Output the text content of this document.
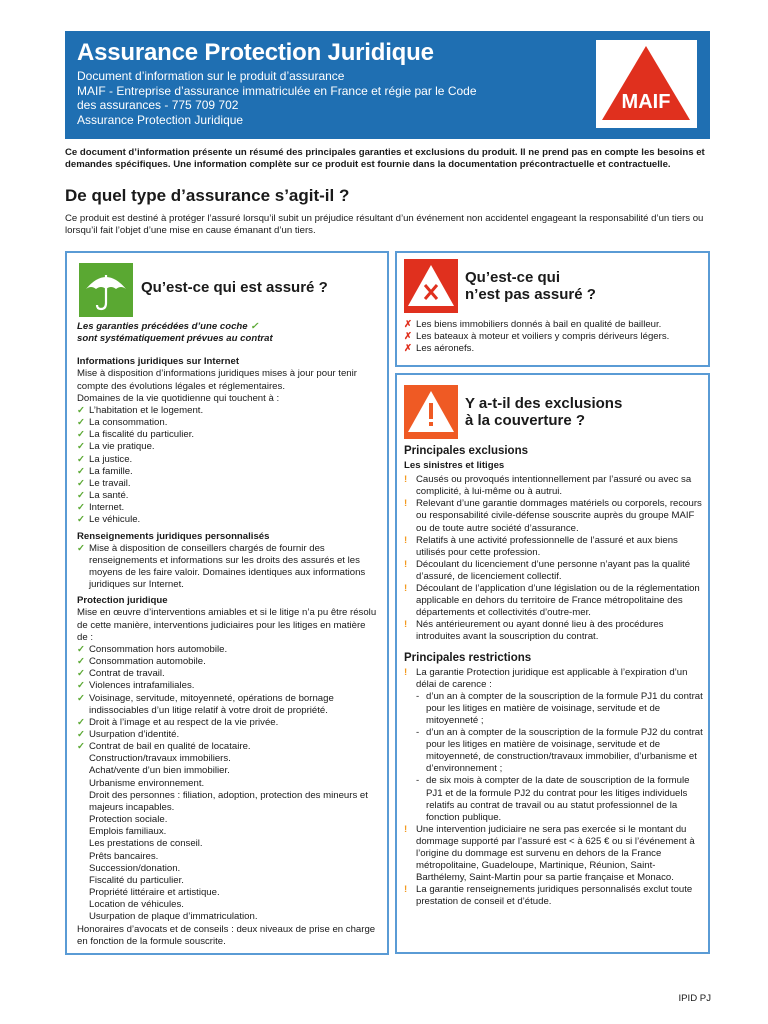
Assurance Protection Juridique
Document d’information sur le produit d’assurance
MAIF - Entreprise d’assurance immatriculée en France et régie par le Code
des assurances - 775 709 702
Assurance Protection Juridique
MAIF
Ce document d’information présente un résumé des principales garanties et exclusions du produit. Il ne prend pas en compte les besoins et demandes spécifiques. Une information complète sur ce produit est fournie dans la documentation précontractuelle et contractuelle.
De quel type d’assurance s’agit-il ?
Ce produit est destiné à protéger l’assuré lorsqu’il subit un préjudice résultant d’un événement non accidentel engageant la responsabilité d’un tiers ou lorsqu’il fait l’objet d’une mise en cause émanant d’un tiers.
Qu’est-ce qui est assuré ?
Les garanties précédées d’une coche ✓
sont systématiquement prévues au contrat
Informations juridiques sur Internet
Mise à disposition d’informations juridiques mises à jour pour tenir compte des évolutions légales et réglementaires.
Domaines de la vie quotidienne qui touchent à :
✓ L’habitation et le logement.
✓ La consommation.
✓ La fiscalité du particulier.
✓ La vie pratique.
✓ La justice.
✓ La famille.
✓ Le travail.
✓ La santé.
✓ Internet.
✓ Le véhicule.
Renseignements juridiques personnalisés
✓ Mise à disposition de conseillers chargés de fournir des renseignements et informations sur les droits des assurés et les moyens de les faire valoir. Domaines identiques aux informations juridiques sur Internet.
Protection juridique
Mise en œuvre d’interventions amiables et si le litige n’a pu être résolu de cette manière, interventions judiciaires pour les litiges en matière de :
✓ Consommation hors automobile.
✓ Consommation automobile.
✓ Contrat de travail.
✓ Violences intrafamiliales.
✓ Voisinage, servitude, mitoyenneté, opérations de bornage indissociables d’un litige relatif à votre droit de propriété.
✓ Droit à l’image et au respect de la vie privée.
✓ Usurpation d’identité.
✓ Contrat de bail en qualité de locataire.
Construction/travaux immobiliers.
Achat/vente d’un bien immobilier.
Urbanisme environnement.
Droit des personnes : filiation, adoption, protection des mineurs et majeurs incapables.
Protection sociale.
Emplois familiaux.
Les prestations de conseil.
Prêts bancaires.
Succession/donation.
Fiscalité du particulier.
Propriété littéraire et artistique.
Location de véhicules.
Usurpation de plaque d’immatriculation.
Honoraires d’avocats et de conseils : deux niveaux de prise en charge en fonction de la formule souscrite.
Qu’est-ce qui
n’est pas assuré ?
✗ Les biens immobiliers donnés à bail en qualité de bailleur.
✗ Les bateaux à moteur et voiliers y compris dériveurs légers.
✗ Les aéronefs.
Y a-t-il des exclusions
à la couverture ?
Principales exclusions
Les sinistres et litiges
! Causés ou provoqués intentionnellement par l’assuré ou avec sa complicité, à lui-même ou à autrui.
! Relevant d’une garantie dommages matériels ou corporels, recours ou responsabilité civile-défense souscrite auprès du groupe MAIF ou de toute autre société d’assurance.
! Relatifs à une activité professionnelle de l’assuré et aux biens utilisés pour cette profession.
! Découlant du licenciement d’une personne n’ayant pas la qualité d’assuré, de licenciement collectif.
! Découlant de l’application d’une législation ou de la réglementation applicable en dehors du territoire de France métropolitaine des départements et collectivités d’outre-mer.
! Nés antérieurement ou ayant donné lieu à des procédures introduites avant la souscription du contrat.
Principales restrictions
! La garantie Protection juridique est applicable à l’expiration d’un délai de carence :
- d’un an à compter de la souscription de la formule PJ1 du contrat pour les litiges en matière de voisinage, servitude et de mitoyenneté ;
- d’un an à compter de la souscription de la formule PJ2 du contrat pour les litiges en matière de voisinage, servitude et de mitoyenneté, de construction/travaux immobilier, d’urbanisme et d’environnement ;
- de six mois à compter de la date de souscription de la formule PJ1 et de la formule PJ2 du contrat pour les litiges individuels relatifs au contrat de travail ou au statut professionnel de la fonction publique.
! Une intervention judiciaire ne sera pas exercée si le montant du dommage supporté par l’assuré est < à 625 € ou si l’événement à l’origine du dommage est survenu en dehors de la France métropolitaine, Guadeloupe, Martinique, Réunion, Saint-Barthélemy, Saint-Martin pour sa partie française et Monaco.
! La garantie renseignements juridiques personnalisés exclut toute prestation de conseil et d’étude.
IPID PJ
